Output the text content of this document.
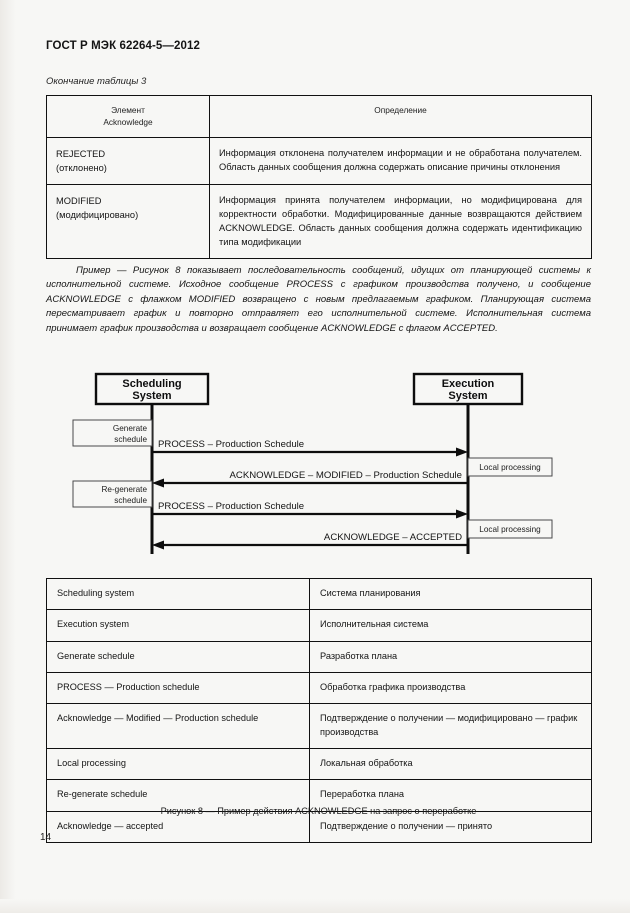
ГОСТ Р МЭК 62264-5—2012
Окончание таблицы 3
Элемент
Acknowledge	Определение
REJECTED
(отклонено)	Информация отклонена получателем информации и не обработана получателем. Область данных сообщения должна содержать описание причины отклонения
MODIFIED
(модифицировано)	Информация принята получателем информации, но модифицирована для корректности обработки. Модифицированные данные возвращаются действием ACKNOWLEDGE. Область данных сообщения должна содержать идентификацию типа модификации
Пример — Рисунок 8 показывает последовательность сообщений, идущих от планирующей системы к исполнительной системе. Исходное сообщение PROCESS с графиком производства получено, и сообщение ACKNOWLEDGE с флажком MODIFIED возвращено с новым предлагаемым графиком. Планирующая система пересматривает график и повторно отправляет его исполнительной системе. Исполнительная система принимает график производства и возвращает сообщение ACKNOWLEDGE с флагом ACCEPTED.
Scheduling
System
Execution
System
Generate
schedule
Re-generate
schedule
Local processing
Local processing
PROCESS – Production Schedule
ACKNOWLEDGE – MODIFIED – Production Schedule
PROCESS – Production Schedule
ACKNOWLEDGE – ACCEPTED
Scheduling system	Система планирования
Execution system	Исполнительная система
Generate schedule	Разработка плана
PROCESS — Production schedule	Обработка графика производства
Acknowledge — Modified — Production schedule	Подтверждение о получении — модифицировано — график производства
Local processing	Локальная обработка
Re-generate schedule	Переработка плана
Acknowledge — accepted	Подтверждение о получении — принято
Рисунок 8 — Пример действия ACKNOWLEDGE на запрос о переработке
14
